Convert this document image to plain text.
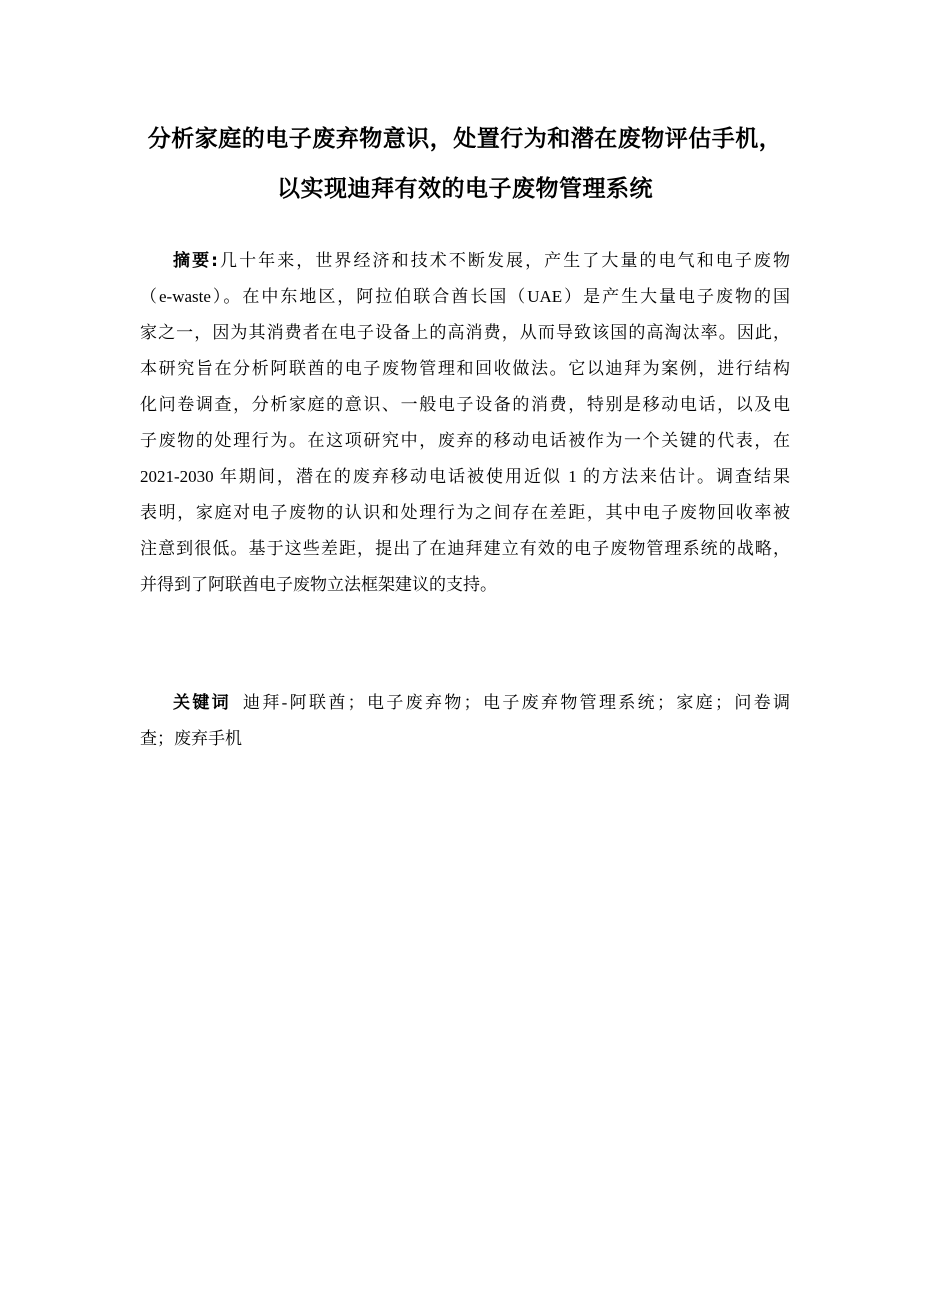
分析家庭的电子废弃物意识，处置行为和潜在废物评估手机，
以实现迪拜有效的电子废物管理系统
摘要:几十年来，世界经济和技术不断发展，产生了大量的电气和电子废物
（e-waste）。在中东地区，阿拉伯联合酋长国（UAE）是产生大量电子废物的国
家之一，因为其消费者在电子设备上的高消费，从而导致该国的高淘汰率。因此，
本研究旨在分析阿联酋的电子废物管理和回收做法。它以迪拜为案例，进行结构
化问卷调查，分析家庭的意识、一般电子设备的消费，特别是移动电话，以及电
子废物的处理行为。在这项研究中，废弃的移动电话被作为一个关键的代表，在
2021-2030 年期间，潜在的废弃移动电话被使用近似 1 的方法来估计。调查结果
表明，家庭对电子废物的认识和处理行为之间存在差距，其中电子废物回收率被
注意到很低。基于这些差距，提出了在迪拜建立有效的电子废物管理系统的战略，
并得到了阿联酋电子废物立法框架建议的支持。
关键词 迪拜-阿联酋；电子废弃物；电子废弃物管理系统；家庭；问卷调
查；废弃手机
